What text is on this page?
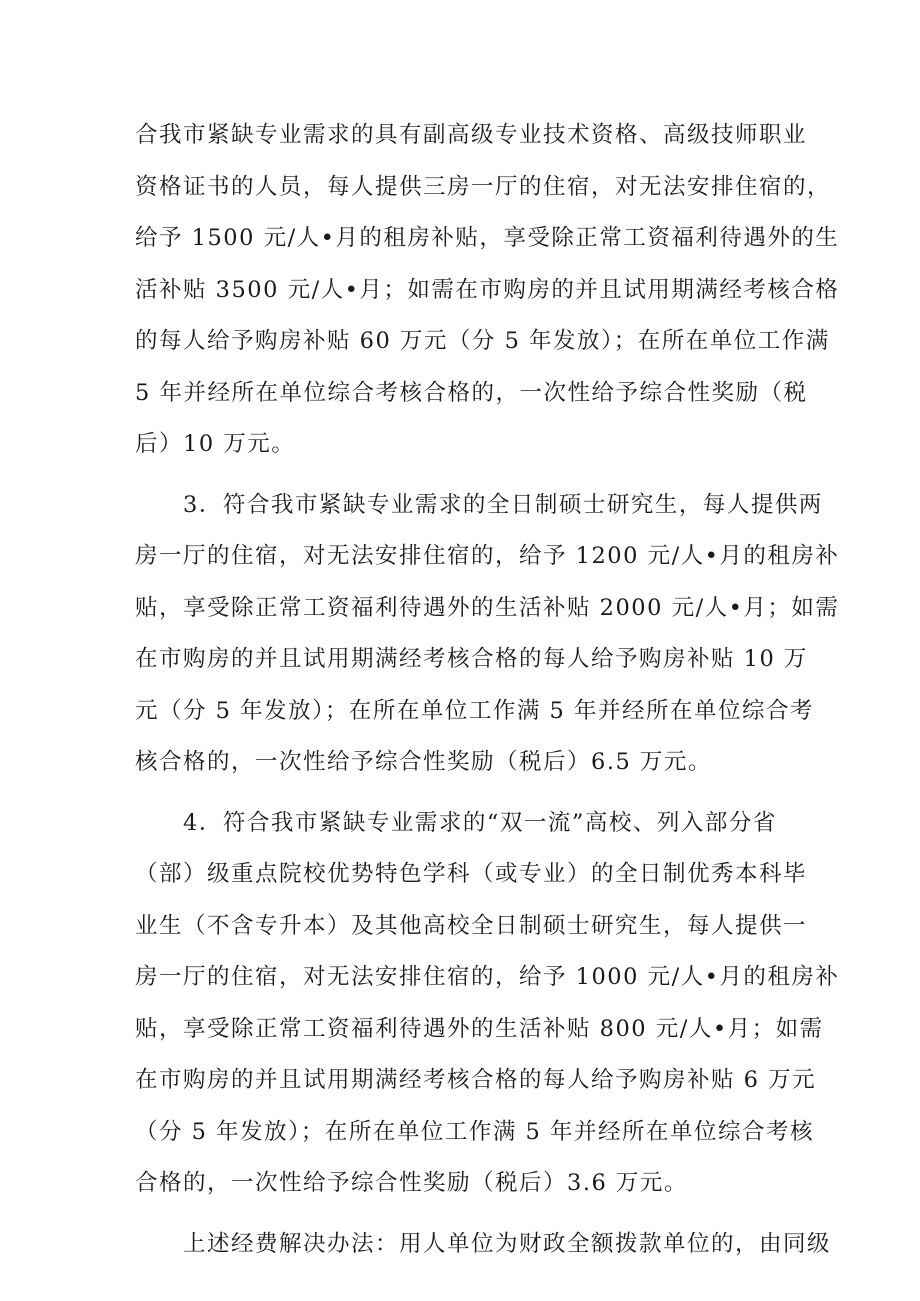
合我市紧缺专业需求的具有副高级专业技术资格、高级技师职业
资格证书的人员，每人提供三房一厅的住宿，对无法安排住宿的，
给予 1500 元/人•月的租房补贴，享受除正常工资福利待遇外的生
活补贴 3500 元/人•月；如需在市购房的并且试用期满经考核合格
的每人给予购房补贴 60 万元（分 5 年发放）；在所在单位工作满
5 年并经所在单位综合考核合格的，一次性给予综合性奖励（税
后）10 万元。
3．符合我市紧缺专业需求的全日制硕士研究生，每人提供两
房一厅的住宿，对无法安排住宿的，给予 1200 元/人•月的租房补
贴，享受除正常工资福利待遇外的生活补贴 2000 元/人•月；如需
在市购房的并且试用期满经考核合格的每人给予购房补贴 10 万
元（分 5 年发放）；在所在单位工作满 5 年并经所在单位综合考
核合格的，一次性给予综合性奖励（税后）6.5 万元。
4．符合我市紧缺专业需求的“双一流”高校、列入部分省
（部）级重点院校优势特色学科（或专业）的全日制优秀本科毕
业生（不含专升本）及其他高校全日制硕士研究生，每人提供一
房一厅的住宿，对无法安排住宿的，给予 1000 元/人•月的租房补
贴，享受除正常工资福利待遇外的生活补贴 800 元/人•月；如需
在市购房的并且试用期满经考核合格的每人给予购房补贴 6 万元
（分 5 年发放）；在所在单位工作满 5 年并经所在单位综合考核
合格的，一次性给予综合性奖励（税后）3.6 万元。
上述经费解决办法：用人单位为财政全额拨款单位的，由同级
